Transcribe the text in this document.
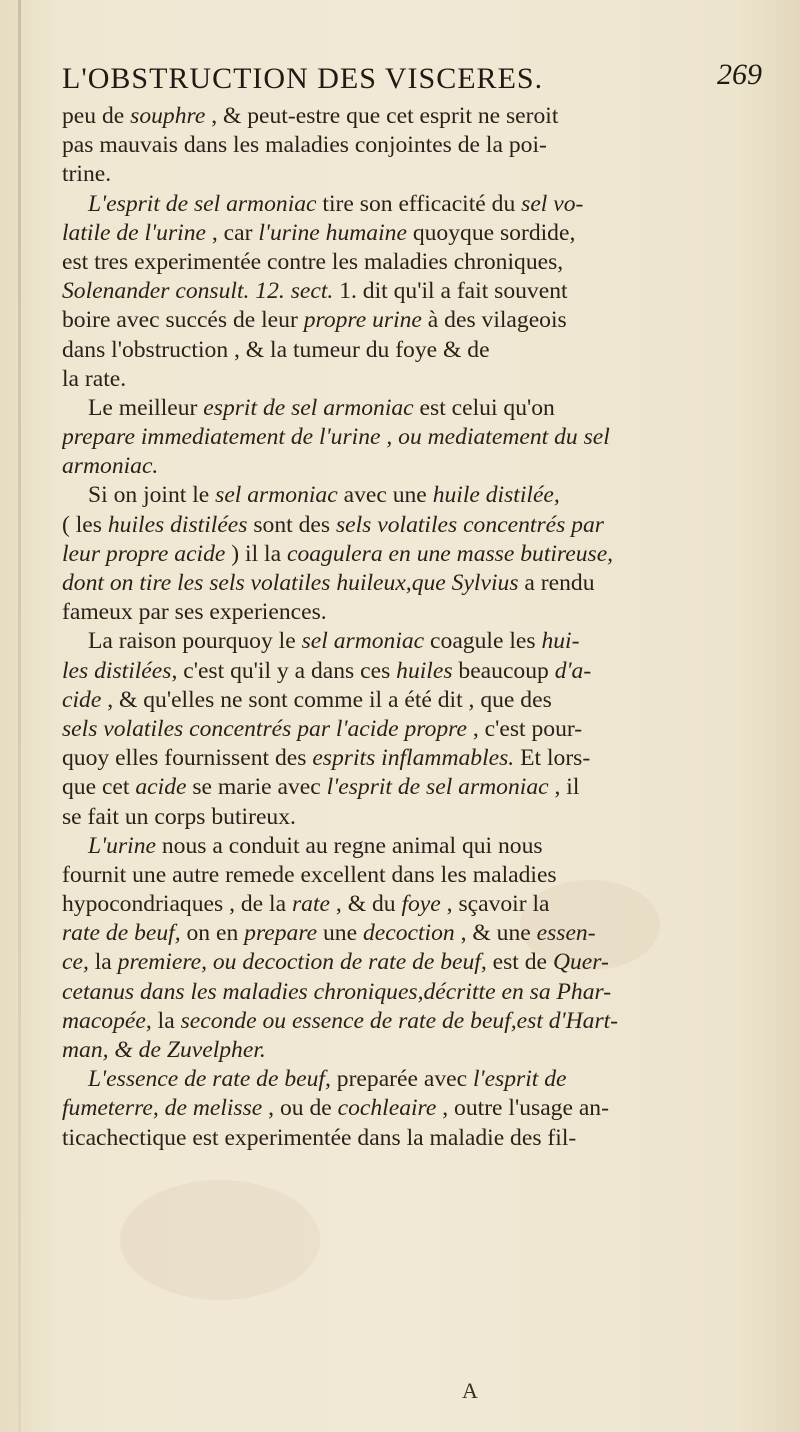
L'OBSTRUCTION DES VISCERES.	269
peu de souphre , & peut-estre que cet esprit ne seroit
pas mauvais dans les maladies conjointes de la poi-
trine.
L'esprit de sel armoniac tire son efficacité du sel vo-
latile de l'urine , car l'urine humaine quoyque sordide,
est tres experimentée contre les maladies chroniques,
Solenander consult. 12. sect. 1. dit qu'il a fait souvent
boire avec succés de leur propre urine à des vilageois
dans l'obstruction , & la tumeur du foye & de
la rate.
Le meilleur esprit de sel armoniac est celui qu'on
prepare immediatement de l'urine , ou mediatement du sel
armoniac.
Si on joint le sel armoniac avec une huile distilée,
( les huiles distilées sont des sels volatiles concentrés par
leur propre acide ) il la coagulera en une masse butireuse,
dont on tire les sels volatiles huileux,que Sylvius a rendu
fameux par ses experiences.
La raison pourquoy le sel armoniac coagule les hui-
les distilées, c'est qu'il y a dans ces huiles beaucoup d'a-
cide , & qu'elles ne sont comme il a été dit , que des
sels volatiles concentrés par l'acide propre , c'est pour-
quoy elles fournissent des esprits inflammables. Et lors-
que cet acide se marie avec l'esprit de sel armoniac , il
se fait un corps butireux.
L'urine nous a conduit au regne animal qui nous
fournit une autre remede excellent dans les maladies
hypocondriaques , de la rate , & du foye , sçavoir la
rate de beuf, on en prepare une decoction , & une essen-
ce, la premiere, ou decoction de rate de beuf, est de Quer-
cetanus dans les maladies chroniques,décritte en sa Phar-
macopée, la seconde ou essence de rate de beuf,est d'Hart-
man, & de Zuvelpher.
L'essence de rate de beuf, preparée avec l'esprit de
fumeterre, de melisse , ou de cochleaire , outre l'usage an-
ticachectique est experimentée dans la maladie des fil-
A
